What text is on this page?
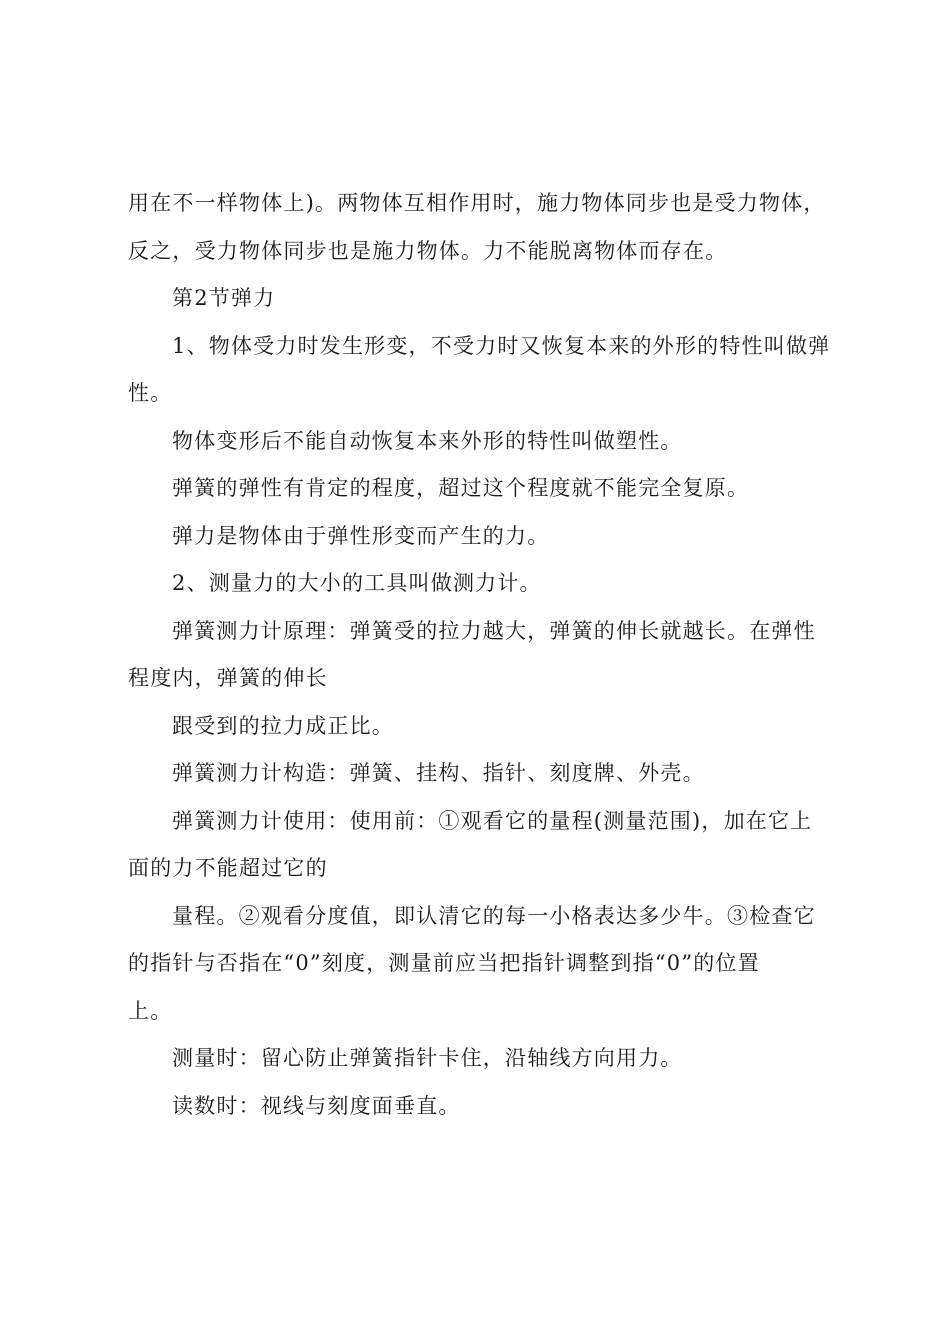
用在不一样物体上)。两物体互相作用时，施力物体同步也是受力物体，
反之，受力物体同步也是施力物体。力不能脱离物体而存在。
第2节弹力
1、物体受力时发生形变，不受力时又恢复本来的外形的特性叫做弹
性。
物体变形后不能自动恢复本来外形的特性叫做塑性。
弹簧的弹性有肯定的程度，超过这个程度就不能完全复原。
弹力是物体由于弹性形变而产生的力。
2、测量力的大小的工具叫做测力计。
弹簧测力计原理：弹簧受的拉力越大，弹簧的伸长就越长。在弹性
程度内，弹簧的伸长
跟受到的拉力成正比。
弹簧测力计构造：弹簧、挂构、指针、刻度牌、外壳。
弹簧测力计使用：使用前：①观看它的量程(测量范围)，加在它上
面的力不能超过它的
量程。②观看分度值，即认清它的每一小格表达多少牛。③检查它
的指针与否指在“0”刻度，测量前应当把指针调整到指“0”的位置
上。
测量时：留心防止弹簧指针卡住，沿轴线方向用力。
读数时：视线与刻度面垂直。
